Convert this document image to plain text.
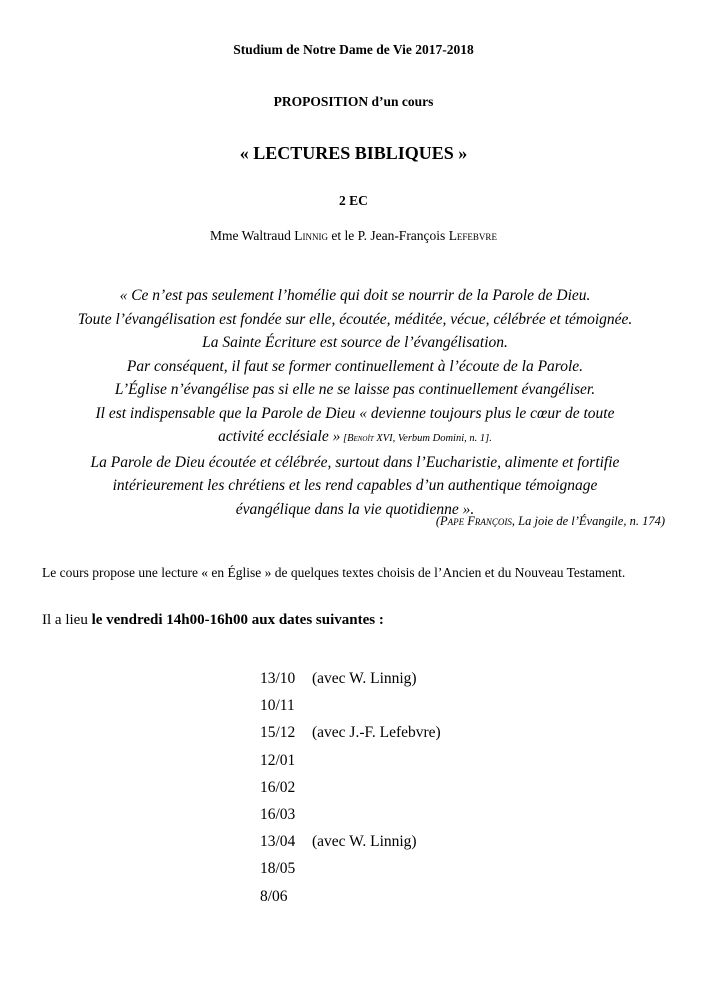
Studium de Notre Dame de Vie 2017-2018
PROPOSITION d’un cours
« LECTURES BIBLIQUES »
2 EC
Mme Waltraud Linnig et le P. Jean-François Lefebvre
« Ce n’est pas seulement l’homélie qui doit se nourrir de la Parole de Dieu.
Toute l’évangélisation est fondée sur elle, écoutée, méditée, vécue, célébrée et témoignée.
La Sainte Écriture est source de l’évangélisation.
Par conséquent, il faut se former continuellement à l’écoute de la Parole.
L’Église n’évangélise pas si elle ne se laisse pas continuellement évangéliser.
Il est indispensable que la Parole de Dieu « devienne toujours plus le cœur de toute
activité ecclésiale » [Benoît XVI, Verbum Domini, n. 1].
La Parole de Dieu écoutée et célébrée, surtout dans l’Eucharistie, alimente et fortifie
intérieurement les chrétiens et les rend capables d’un authentique témoignage
évangélique dans la vie quotidienne ».
(Pape François, La joie de l’Évangile, n. 174)
Le cours propose une lecture « en Église » de quelques textes choisis de l’Ancien et du Nouveau Testament.
Il a lieu le vendredi 14h00-16h00 aux dates suivantes :
13/10 (avec W. Linnig)
10/11
15/12 (avec J.-F. Lefebvre)
12/01
16/02
16/03
13/04 (avec W. Linnig)
18/05
8/06
